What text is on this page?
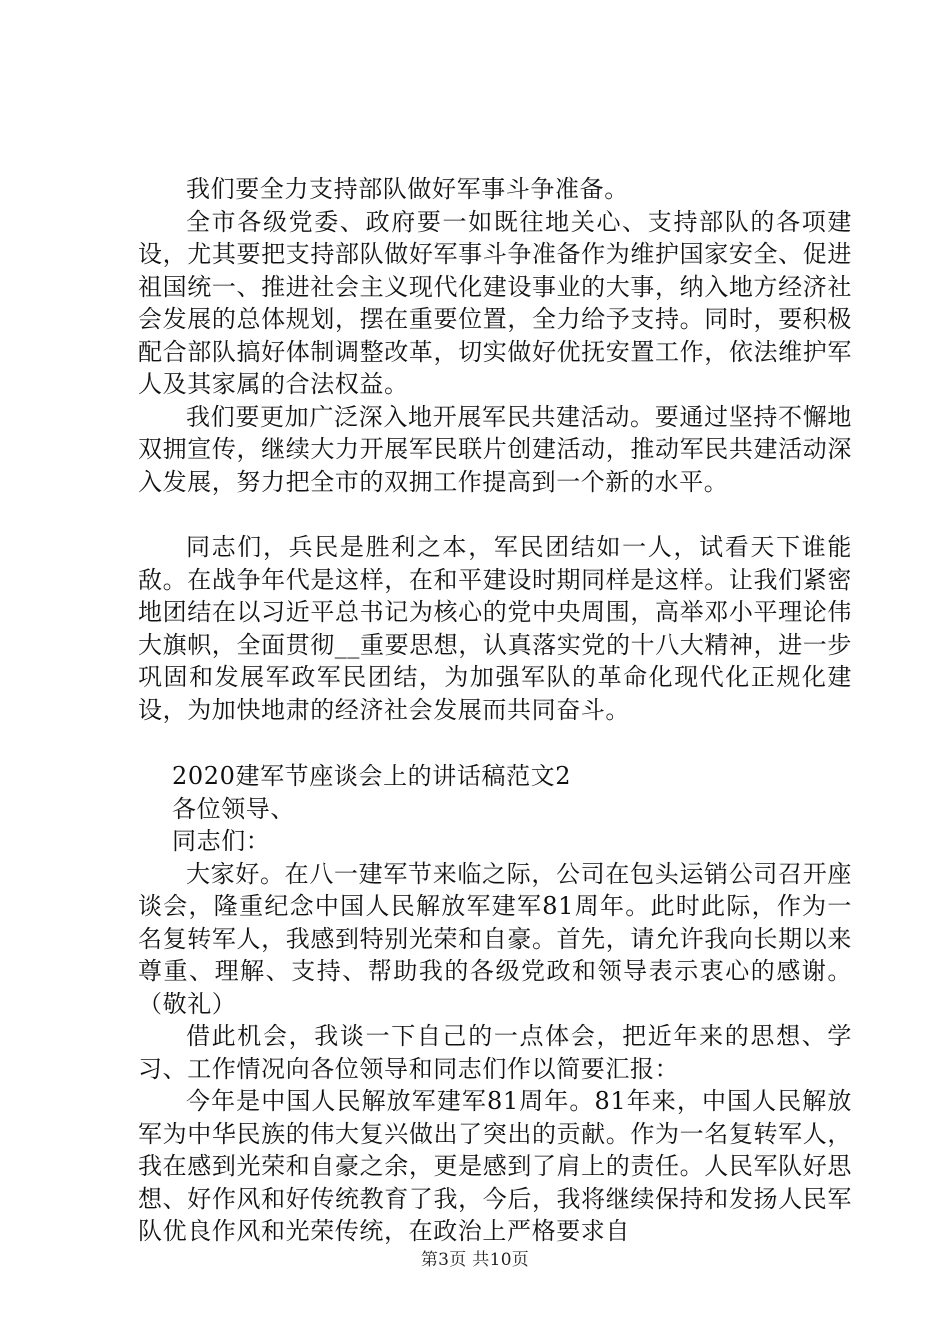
我们要全力支持部队做好军事斗争准备。

全市各级党委、政府要一如既往地关心、支持部队的各项建设，尤其要把支持部队做好军事斗争准备作为维护国家安全、促进祖国统一、推进社会主义现代化建设事业的大事，纳入地方经济社会发展的总体规划，摆在重要位置，全力给予支持。同时，要积极配合部队搞好体制调整改革，切实做好优抚安置工作，依法维护军人及其家属的合法权益。

我们要更加广泛深入地开展军民共建活动。要通过坚持不懈地双拥宣传，继续大力开展军民联片创建活动，推动军民共建活动深入发展，努力把全市的双拥工作提高到一个新的水平。

同志们，兵民是胜利之本，军民团结如一人，试看天下谁能敌。在战争年代是这样，在和平建设时期同样是这样。让我们紧密地团结在以习近平总书记为核心的党中央周围，高举邓小平理论伟大旗帜，全面贯彻__重要思想，认真落实党的十八大精神，进一步巩固和发展军政军民团结，为加强军队的革命化现代化正规化建设，为加快地肃的经济社会发展而共同奋斗。

2020建军节座谈会上的讲话稿范文2

各位领导、

同志们：

大家好。在八一建军节来临之际，公司在包头运销公司召开座谈会，隆重纪念中国人民解放军建军81周年。此时此际，作为一名复转军人，我感到特别光荣和自豪。首先，请允许我向长期以来尊重、理解、支持、帮助我的各级党政和领导表示衷心的感谢。（敬礼）

借此机会，我谈一下自己的一点体会，把近年来的思想、学习、工作情况向各位领导和同志们作以简要汇报：

今年是中国人民解放军建军81周年。81年来，中国人民解放军为中华民族的伟大复兴做出了突出的贡献。作为一名复转军人，我在感到光荣和自豪之余，更是感到了肩上的责任。人民军队好思想、好作风和好传统教育了我，今后，我将继续保持和发扬人民军队优良作风和光荣传统，在政治上严格要求自

第3页 共10页
